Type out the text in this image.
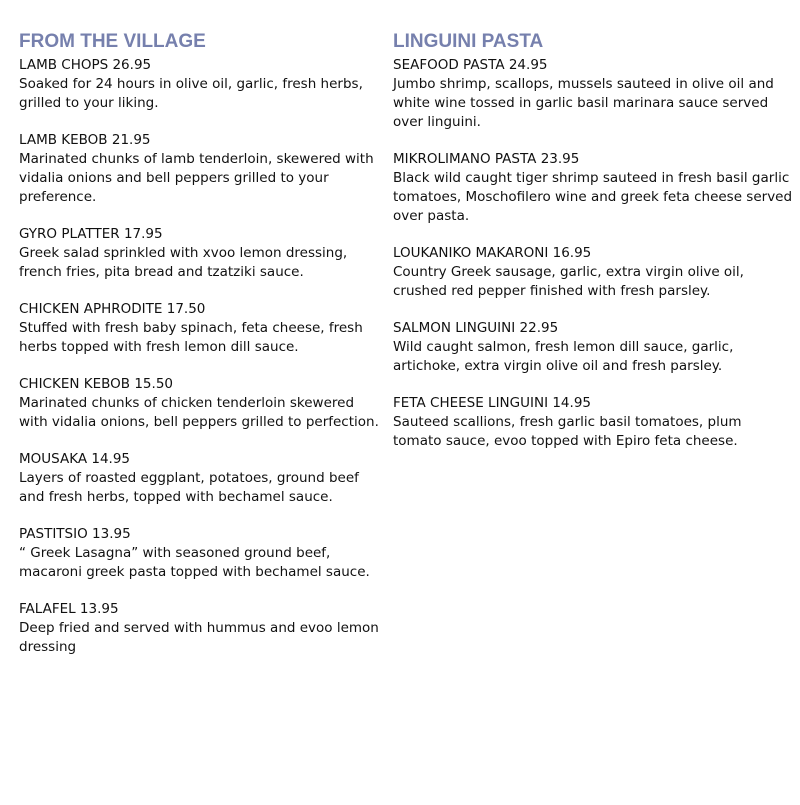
FROM THE VILLAGE
LAMB CHOPS 26.95
Soaked for 24 hours in olive oil, garlic, fresh herbs, grilled to your liking.
LAMB KEBOB 21.95
Marinated chunks of lamb tenderloin, skewered with vidalia onions and bell peppers grilled to your preference.
GYRO PLATTER 17.95
Greek salad sprinkled with xvoo lemon dressing, french fries, pita bread and tzatziki sauce.
CHICKEN APHRODITE 17.50
Stuffed with fresh baby spinach, feta cheese, fresh herbs topped with fresh lemon dill sauce.
CHICKEN KEBOB 15.50
Marinated chunks of chicken tenderloin skewered with vidalia onions, bell peppers grilled to perfection.
MOUSAKA 14.95
Layers of roasted eggplant, potatoes, ground beef and fresh herbs, topped with bechamel sauce.
PASTITSIO 13.95
“ Greek Lasagna” with seasoned ground beef, macaroni greek pasta topped with bechamel sauce.
FALAFEL 13.95
Deep fried and served with hummus and evoo lemon dressing
LINGUINI PASTA
SEAFOOD PASTA 24.95
Jumbo shrimp, scallops, mussels sauteed in olive oil and white wine tossed in garlic basil marinara sauce served over linguini.
MIKROLIMANO PASTA 23.95
Black wild caught tiger shrimp sauteed in fresh basil garlic tomatoes, Moschofilero wine and greek feta cheese served over pasta.
LOUKANIKO MAKARONI 16.95
Country Greek sausage, garlic, extra virgin olive oil, crushed red pepper finished with fresh parsley.
SALMON LINGUINI 22.95
Wild caught salmon, fresh lemon dill sauce, garlic, artichoke, extra virgin olive oil and fresh parsley.
FETA CHEESE LINGUINI 14.95
Sauteed scallions, fresh garlic basil tomatoes, plum tomato sauce, evoo topped with Epiro feta cheese.
